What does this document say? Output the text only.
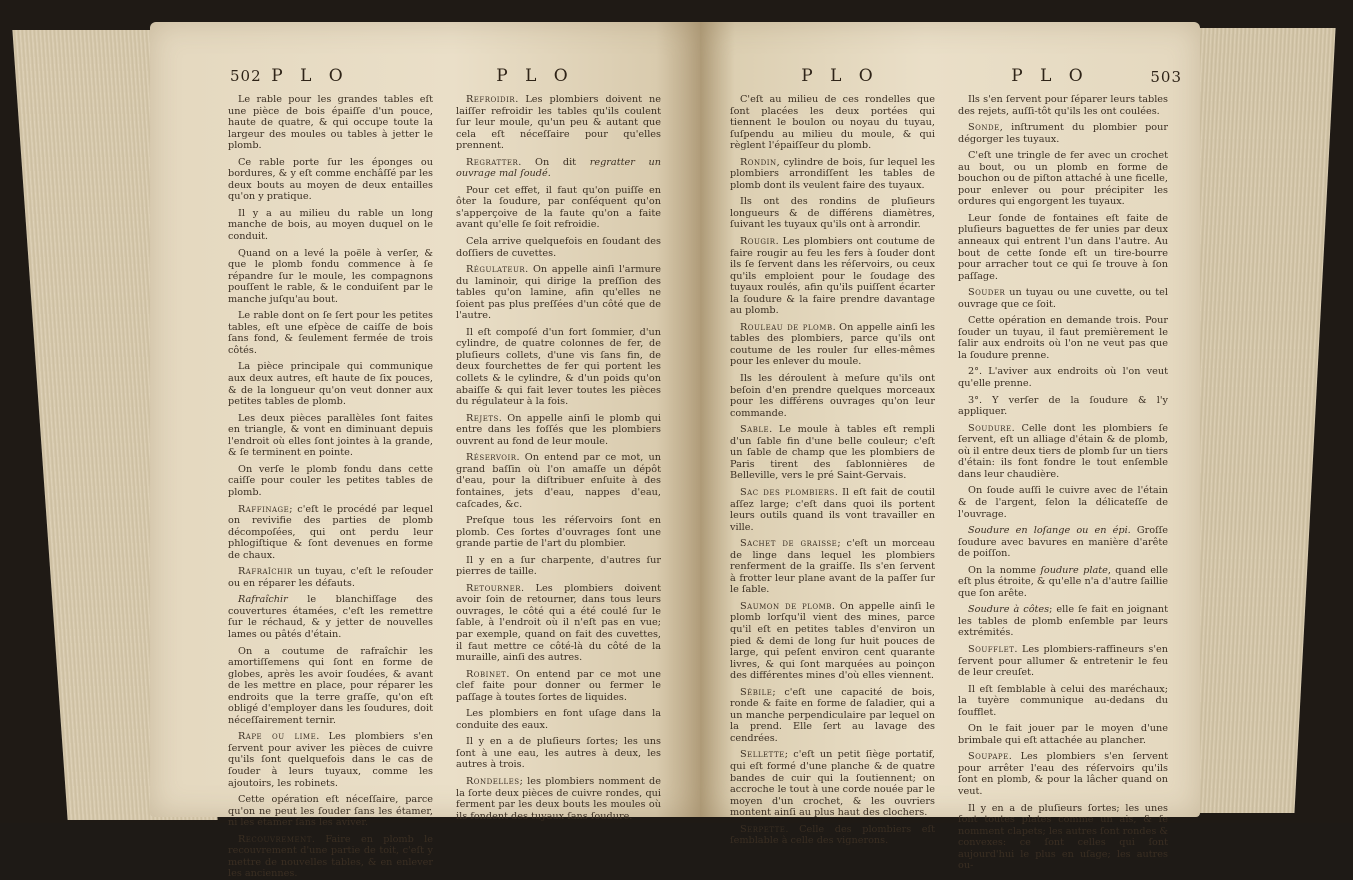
502 P L O	P L O

Le rable pour les grandes tables eſt une pièce de bois épaiſſe d'un pouce, haute de quatre, & qui occupe toute la largeur des moules ou tables à jetter le plomb.

Ce rable porte ſur les éponges ou bordures, & y eſt comme enchâſſé par les deux bouts au moyen de deux entailles qu'on y pratique.

Il y a au milieu du rable un long manche de bois, au moyen duquel on le conduit.

Quand on a levé la poële à verſer, & que le plomb fondu commence à ſe répandre ſur le moule, les compagnons pouſſent le rable, & le conduiſent par le manche juſqu'au bout.

Le rable dont on ſe ſert pour les petites tables, eſt une eſpèce de caiſſe de bois ſans fond, & ſeulement fermée de trois côtés.

La pièce principale qui communique aux deux autres, eſt haute de ſix pouces, & de la longueur qu'on veut donner aux petites tables de plomb.

Les deux pièces parallèles ſont faites en triangle, & vont en diminuant depuis l'endroit où elles ſont jointes à la grande, & ſe terminent en pointe.

On verſe le plomb fondu dans cette caiſſe pour couler les petites tables de plomb.

Raffinage; c'eſt le procédé par lequel on revivifie des parties de plomb décompoſées, qui ont perdu leur phlogiſtique & ſont devenues en forme de chaux.

Rafraîchir un tuyau, c'eſt le reſouder ou en réparer les défauts.

Rafraîchir le blanchiſſage des couvertures étamées, c'eſt les remettre ſur le réchaud, & y jetter de nouvelles lames ou pâtés d'étain.

On a coutume de rafraîchir les amortiſſemens qui ſont en forme de globes, après les avoir ſoudées, & avant de les mettre en place, pour réparer les endroits que la terre graſſe, qu'on eſt obligé d'employer dans les ſoudures, doit néceſſairement ternir.

Rape ou lime. Les plombiers s'en ſervent pour aviver les pièces de cuivre qu'ils ſont quelquefois dans le cas de ſouder à leurs tuyaux, comme les ajoutoirs, les robinets.

Cette opération eſt néceſſaire, parce qu'on ne peut les ſouder ſans les étamer, ni les étamer ſans les aviver.

Recouvrement. Faire en plomb le recouvrement d'une partie de toit, c'eſt y mettre de nouvelles tables, & en enlever les anciennes.

Refroidir. Les plombiers doivent ne laiſſer refroidir les tables qu'ils coulent ſur leur moule, qu'un peu & autant que cela eſt néceſſaire pour qu'elles prennent.

Regratter. On dit regratter un ouvrage mal ſoudé.

Pour cet effet, il faut qu'on puiſſe en ôter la ſoudure, par conſéquent qu'on s'apperçoive de la faute qu'on a faite avant qu'elle ſe ſoit refroidie.

Cela arrive quelquefois en ſoudant des doſſiers de cuvettes.

Régulateur. On appelle ainſi l'armure du laminoir, qui dirige la preſſion des tables qu'on lamine, afin qu'elles ne ſoient pas plus preſſées d'un côté que de l'autre.

Il eſt compoſé d'un fort ſommier, d'un cylindre, de quatre colonnes de fer, de pluſieurs collets, d'une vis ſans fin, de deux fourchettes de fer qui portent les collets & le cylindre, & d'un poids qu'on abaiſſe & qui fait lever toutes les pièces du régulateur à la fois.

Rejets. On appelle ainſi le plomb qui entre dans les foſſés que les plombiers ouvrent au fond de leur moule.

Réservoir. On entend par ce mot, un grand baſſin où l'on amaſſe un dépôt d'eau, pour la diſtribuer enſuite à des fontaines, jets d'eau, nappes d'eau, caſcades, &c.

Preſque tous les réſervoirs ſont en plomb. Ces ſortes d'ouvrages ſont une grande partie de l'art du plombier.

Il y en a ſur charpente, d'autres ſur pierres de taille.

Retourner. Les plombiers doivent avoir ſoin de retourner, dans tous leurs ouvrages, le côté qui a été coulé ſur le ſable, à l'endroit où il n'eſt pas en vue; par exemple, quand on fait des cuvettes, il faut mettre ce côté-là du côté de la muraille, ainſi des autres.

Robinet. On entend par ce mot une clef faite pour donner ou fermer le paſſage à toutes ſortes de liquides.

Les plombiers en font uſage dans la conduite des eaux.

Il y en a de pluſieurs ſortes; les uns ſont à une eau, les autres à deux, les autres à trois.

Rondelles; les plombiers nomment de la ſorte deux pièces de cuivre rondes, qui ferment par les deux bouts les moules où ils fondent des tuyaux ſans ſoudure.

P L O	P L O	503

C'eſt au milieu de ces rondelles que ſont placées les deux portées qui tiennent le boulon ou noyau du tuyau, ſuſpendu au milieu du moule, & qui règlent l'épaiſſeur du plomb.

Rondin, cylindre de bois, ſur lequel les plombiers arrondiſſent les tables de plomb dont ils veulent faire des tuyaux.

Ils ont des rondins de pluſieurs longueurs & de différens diamètres, ſuivant les tuyaux qu'ils ont à arrondir.

Rougir. Les plombiers ont coutume de faire rougir au feu les fers à ſouder dont ils ſe ſervent dans les réſervoirs, ou ceux qu'ils emploient pour le ſoudage des tuyaux roulés, afin qu'ils puiſſent écarter la ſoudure & la faire prendre davantage au plomb.

Rouleau de plomb. On appelle ainſi les tables des plombiers, parce qu'ils ont coutume de les rouler ſur elles-mêmes pour les enlever du moule.

Ils les déroulent à meſure qu'ils ont beſoin d'en prendre quelques morceaux pour les différens ouvrages qu'on leur commande.

Sable. Le moule à tables eſt rempli d'un ſable fin d'une belle couleur; c'eſt un ſable de champ que les plombiers de Paris tirent des ſablonnières de Belleville, vers le pré Saint-Gervais.

Sac des plombiers. Il eſt fait de coutil aſſez large; c'eſt dans quoi ils portent leurs outils quand ils vont travailler en ville.

Sachet de graisse; c'eſt un morceau de linge dans lequel les plombiers renferment de la graiſſe. Ils s'en ſervent à frotter leur plane avant de la paſſer ſur le ſable.

Saumon de plomb. On appelle ainſi le plomb lorſqu'il vient des mines, parce qu'il eſt en petites tables d'environ un pied & demi de long ſur huit pouces de large, qui peſent environ cent quarante livres, & qui ſont marquées au poinçon des différentes mines d'où elles viennent.

Sébile; c'eſt une capacité de bois, ronde & faite en forme de ſaladier, qui a un manche perpendiculaire par lequel on la prend. Elle ſert au lavage des cendrées.

Sellette; c'eſt un petit ſiège portatif, qui eſt formé d'une planche & de quatre bandes de cuir qui la ſoutiennent; on accroche le tout à une corde nouée par le moyen d'un crochet, & les ouvriers montent ainſi au plus haut des clochers.

Serpette. Celle des plombiers eſt ſemblable à celle des vignerons.

Ils s'en ſervent pour ſéparer leurs tables des rejets, auſſi-tôt qu'ils les ont coulées.

Sonde, inſtrument du plombier pour dégorger les tuyaux.

C'eſt une tringle de fer avec un crochet au bout, ou un plomb en forme de bouchon ou de piſton attaché à une ficelle, pour enlever ou pour précipiter les ordures qui engorgent les tuyaux.

Leur ſonde de fontaines eſt faite de pluſieurs baguettes de fer unies par deux anneaux qui entrent l'un dans l'autre. Au bout de cette ſonde eſt un tire-bourre pour arracher tout ce qui ſe trouve à ſon paſſage.

Souder un tuyau ou une cuvette, ou tel ouvrage que ce ſoit.

Cette opération en demande trois. Pour ſouder un tuyau, il faut premièrement le ſalir aux endroits où l'on ne veut pas que la ſoudure prenne.

2°. L'aviver aux endroits où l'on veut qu'elle prenne.

3°. Y verſer de la ſoudure & l'y appliquer.

Soudure. Celle dont les plombiers ſe ſervent, eſt un alliage d'étain & de plomb, où il entre deux tiers de plomb ſur un tiers d'étain: ils font fondre le tout enſemble dans leur chaudière.

On ſoude auſſi le cuivre avec de l'étain & de l'argent, ſelon la délicateſſe de l'ouvrage.

Soudure en loſange ou en épi. Groſſe ſoudure avec bavures en manière d'arête de poiſſon.

On la nomme ſoudure plate, quand elle eſt plus étroite, & qu'elle n'a d'autre ſaillie que ſon arête.

Soudure à côtes; elle ſe fait en joignant les tables de plomb enſemble par leurs extrémités.

Soufflet. Les plombiers-raffineurs s'en ſervent pour allumer & entretenir le feu de leur creuſet.

Il eſt ſemblable à celui des maréchaux; la tuyère communique au-dedans du ſoufflet.

On le fait jouer par le moyen d'une brimbale qui eſt attachée au plancher.

Soupape. Les plombiers s'en ſervent pour arrêter l'eau des réſervoirs qu'ils ſont en plomb, & pour la lâcher quand on veut.

Il y en a de pluſieurs ſortes; les unes ſont toutes plates comme un ais, & ſe nomment clapets; les autres ſont rondes & convexes: ce ſont celles qui ſont aujourd'hui le plus en uſage; les autres ou-
